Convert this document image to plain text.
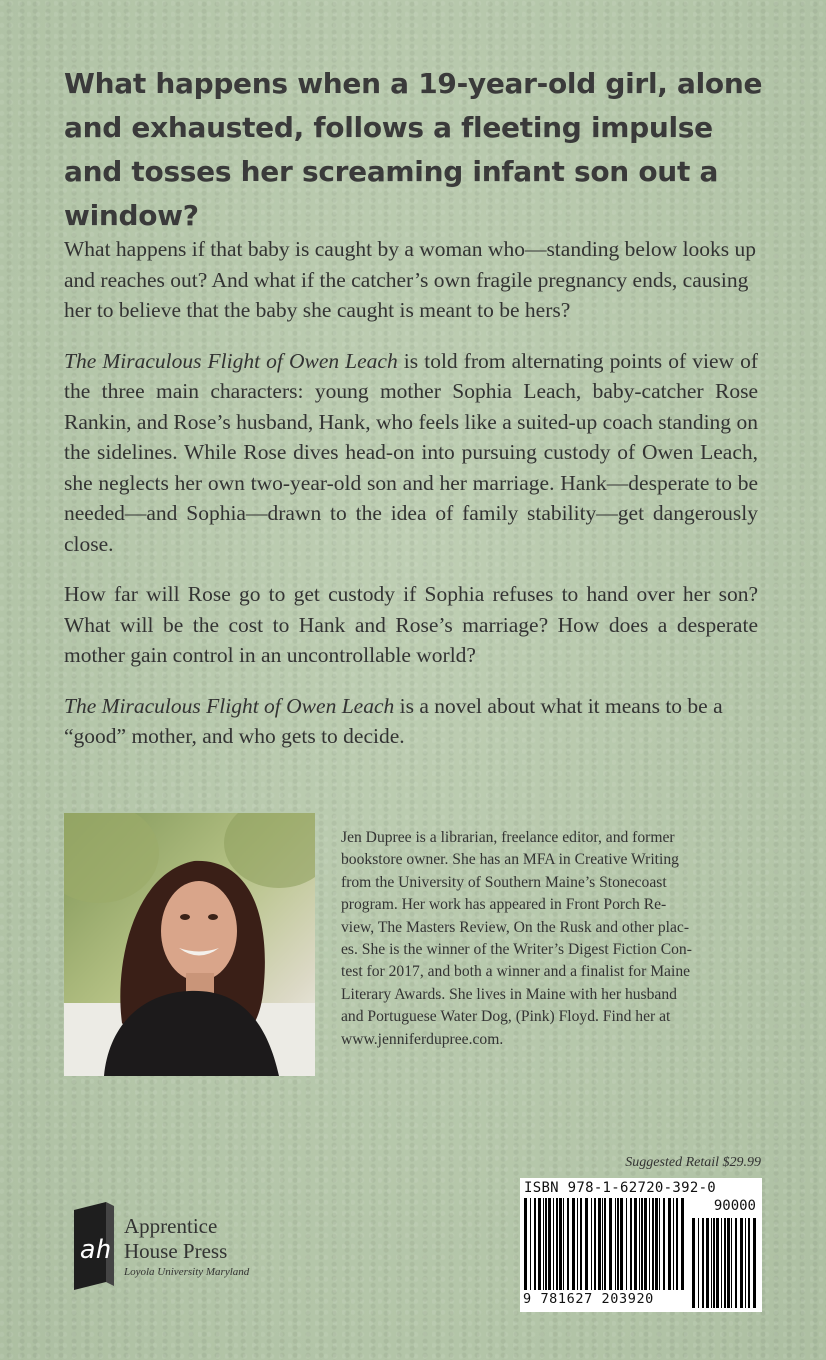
What happens when a 19-year-old girl, alone and exhausted, follows a fleeting impulse and tosses her screaming infant son out a window?

What happens if that baby is caught by a woman who—standing below looks up and reaches out? And what if the catcher’s own fragile pregnancy ends, causing her to believe that the baby she caught is meant to be hers?

The Miraculous Flight of Owen Leach is told from alternating points of view of the three main characters: young mother Sophia Leach, baby-catcher Rose Rankin, and Rose’s husband, Hank, who feels like a suited-up coach standing on the sidelines. While Rose dives head-on into pursuing custody of Owen Leach, she neglects her own two-year-old son and her marriage. Hank—desperate to be needed—and Sophia—drawn to the idea of family stability—get dangerously close.

How far will Rose go to get custody if Sophia refuses to hand over her son? What will be the cost to Hank and Rose’s marriage? How does a desperate mother gain control in an uncontrollable world?

The Miraculous Flight of Owen Leach is a novel about what it means to be a “good” mother, and who gets to decide.

Jen Dupree is a librarian, freelance editor, and former
bookstore owner. She has an MFA in Creative Writing
from the University of Southern Maine’s Stonecoast
program. Her work has appeared in Front Porch Re-
view, The Masters Review, On the Rusk and other plac-
es. She is the winner of the Writer’s Digest Fiction Con-
test for 2017, and both a winner and a finalist for Maine
Literary Awards. She lives in Maine with her husband
and Portuguese Water Dog, (Pink) Floyd. Find her at
www.jenniferdupree.com.
ah
Apprentice
House Press
Loyola University Maryland
Suggested Retail $29.99
ISBN 978-1-62720-392-0
90000
9 781627 203920
